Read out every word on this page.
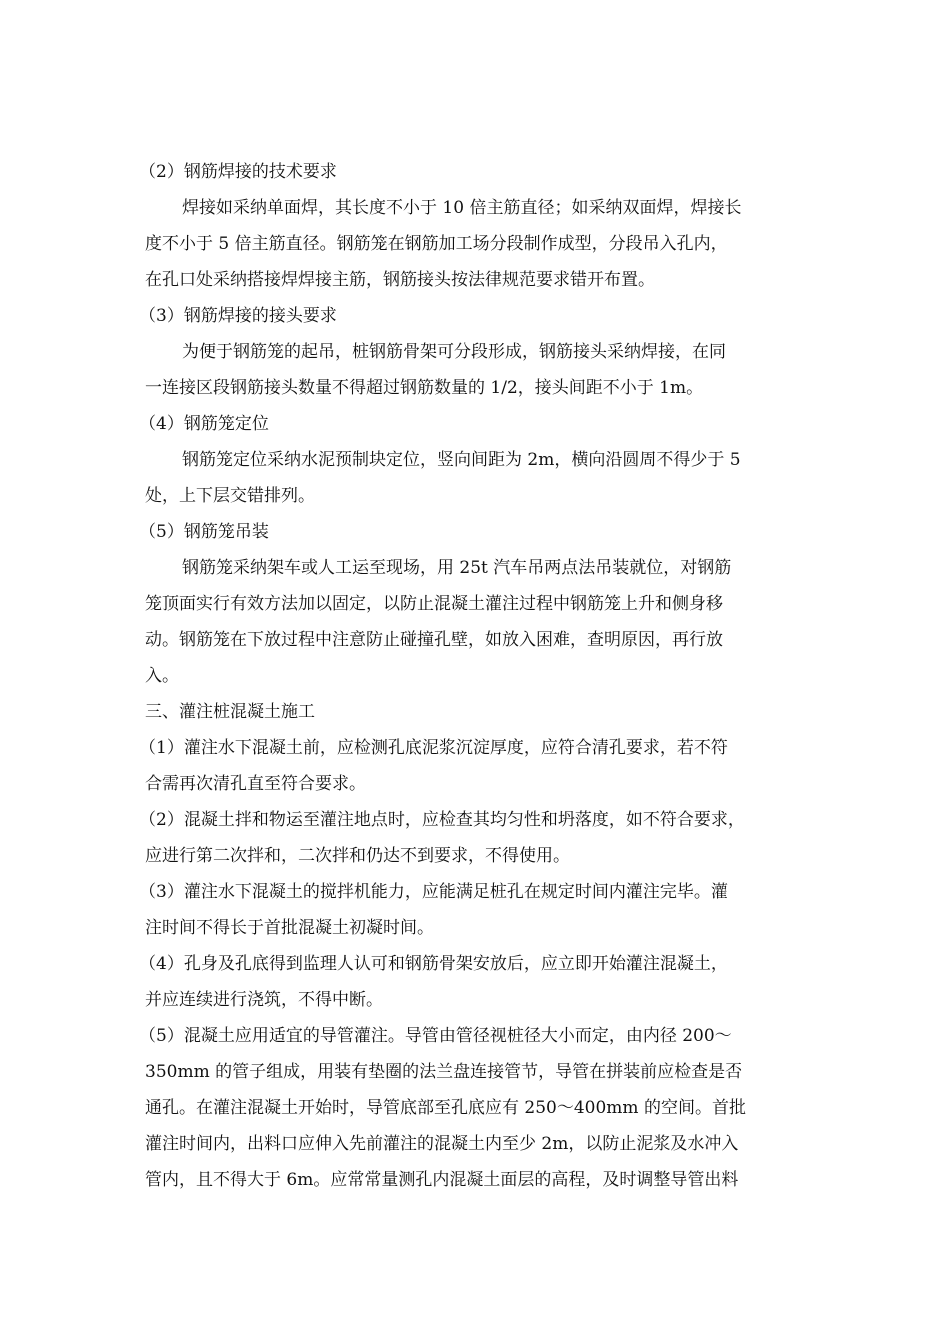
（2）钢筋焊接的技术要求
焊接如采纳单面焊，其长度不小于 10 倍主筋直径；如采纳双面焊，焊接长
度不小于 5 倍主筋直径。钢筋笼在钢筋加工场分段制作成型，分段吊入孔内，
在孔口处采纳搭接焊焊接主筋，钢筋接头按法律规范要求错开布置。
（3）钢筋焊接的接头要求
为便于钢筋笼的起吊，桩钢筋骨架可分段形成，钢筋接头采纳焊接，在同
一连接区段钢筋接头数量不得超过钢筋数量的 1/2，接头间距不小于 1m。
（4）钢筋笼定位
钢筋笼定位采纳水泥预制块定位，竖向间距为 2m，横向沿圆周不得少于 5
处，上下层交错排列。
（5）钢筋笼吊装
钢筋笼采纳架车或人工运至现场，用 25t 汽车吊两点法吊装就位，对钢筋
笼顶面实行有效方法加以固定，以防止混凝土灌注过程中钢筋笼上升和侧身移
动。钢筋笼在下放过程中注意防止碰撞孔壁，如放入困难，查明原因，再行放
入。
三、灌注桩混凝土施工
（1）灌注水下混凝土前，应检测孔底泥浆沉淀厚度，应符合清孔要求，若不符
合需再次清孔直至符合要求。
（2）混凝土拌和物运至灌注地点时，应检查其均匀性和坍落度，如不符合要求，
应进行第二次拌和，二次拌和仍达不到要求，不得使用。
（3）灌注水下混凝土的搅拌机能力，应能满足桩孔在规定时间内灌注完毕。灌
注时间不得长于首批混凝土初凝时间。
（4）孔身及孔底得到监理人认可和钢筋骨架安放后，应立即开始灌注混凝土，
并应连续进行浇筑，不得中断。
（5）混凝土应用适宜的导管灌注。导管由管径视桩径大小而定，由内径 200～
350mm 的管子组成，用装有垫圈的法兰盘连接管节，导管在拼装前应检查是否
通孔。在灌注混凝土开始时，导管底部至孔底应有 250～400mm 的空间。首批
灌注时间内，出料口应伸入先前灌注的混凝土内至少 2m，以防止泥浆及水冲入
管内，且不得大于 6m。应常常量测孔内混凝土面层的高程，及时调整导管出料
